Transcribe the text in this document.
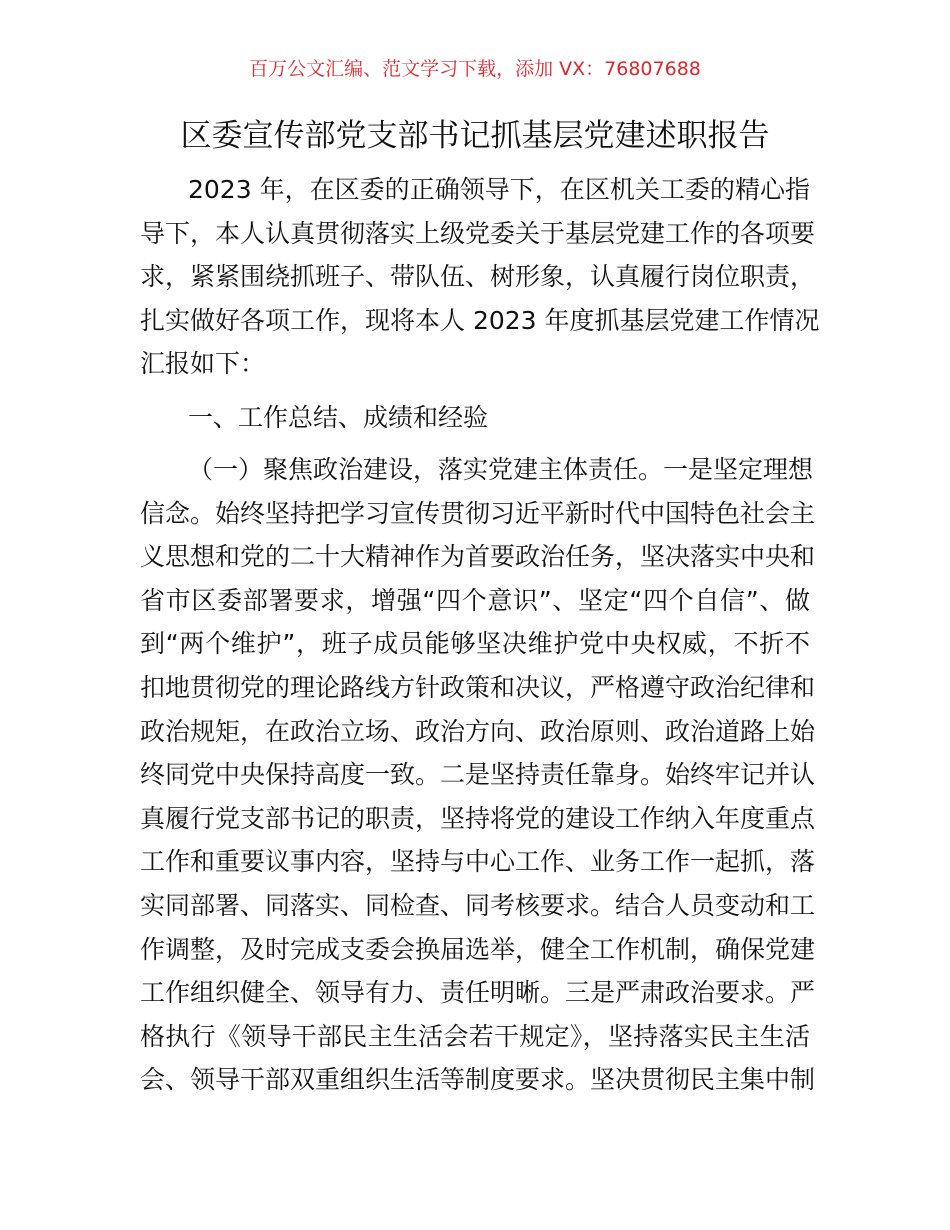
百万公文汇编、范文学习下载，添加 VX：76807688
区委宣传部党支部书记抓基层党建述职报告
2023 年，在区委的正确领导下，在区机关工委的精心指
导下，本人认真贯彻落实上级党委关于基层党建工作的各项要
求，紧紧围绕抓班子、带队伍、树形象，认真履行岗位职责，
扎实做好各项工作，现将本人 2023 年度抓基层党建工作情况
汇报如下：
一、工作总结、成绩和经验
（一）聚焦政治建设，落实党建主体责任。一是坚定理想
信念。始终坚持把学习宣传贯彻习近平新时代中国特色社会主
义思想和党的二十大精神作为首要政治任务，坚决落实中央和
省市区委部署要求，增强“四个意识”、坚定“四个自信”、做
到“两个维护”，班子成员能够坚决维护党中央权威，不折不
扣地贯彻党的理论路线方针政策和决议，严格遵守政治纪律和
政治规矩，在政治立场、政治方向、政治原则、政治道路上始
终同党中央保持高度一致。二是坚持责任靠身。始终牢记并认
真履行党支部书记的职责，坚持将党的建设工作纳入年度重点
工作和重要议事内容，坚持与中心工作、业务工作一起抓，落
实同部署、同落实、同检查、同考核要求。结合人员变动和工
作调整，及时完成支委会换届选举，健全工作机制，确保党建
工作组织健全、领导有力、责任明晰。三是严肃政治要求。严
格执行《领导干部民主生活会若干规定》，坚持落实民主生活
会、领导干部双重组织生活等制度要求。坚决贯彻民主集中制
